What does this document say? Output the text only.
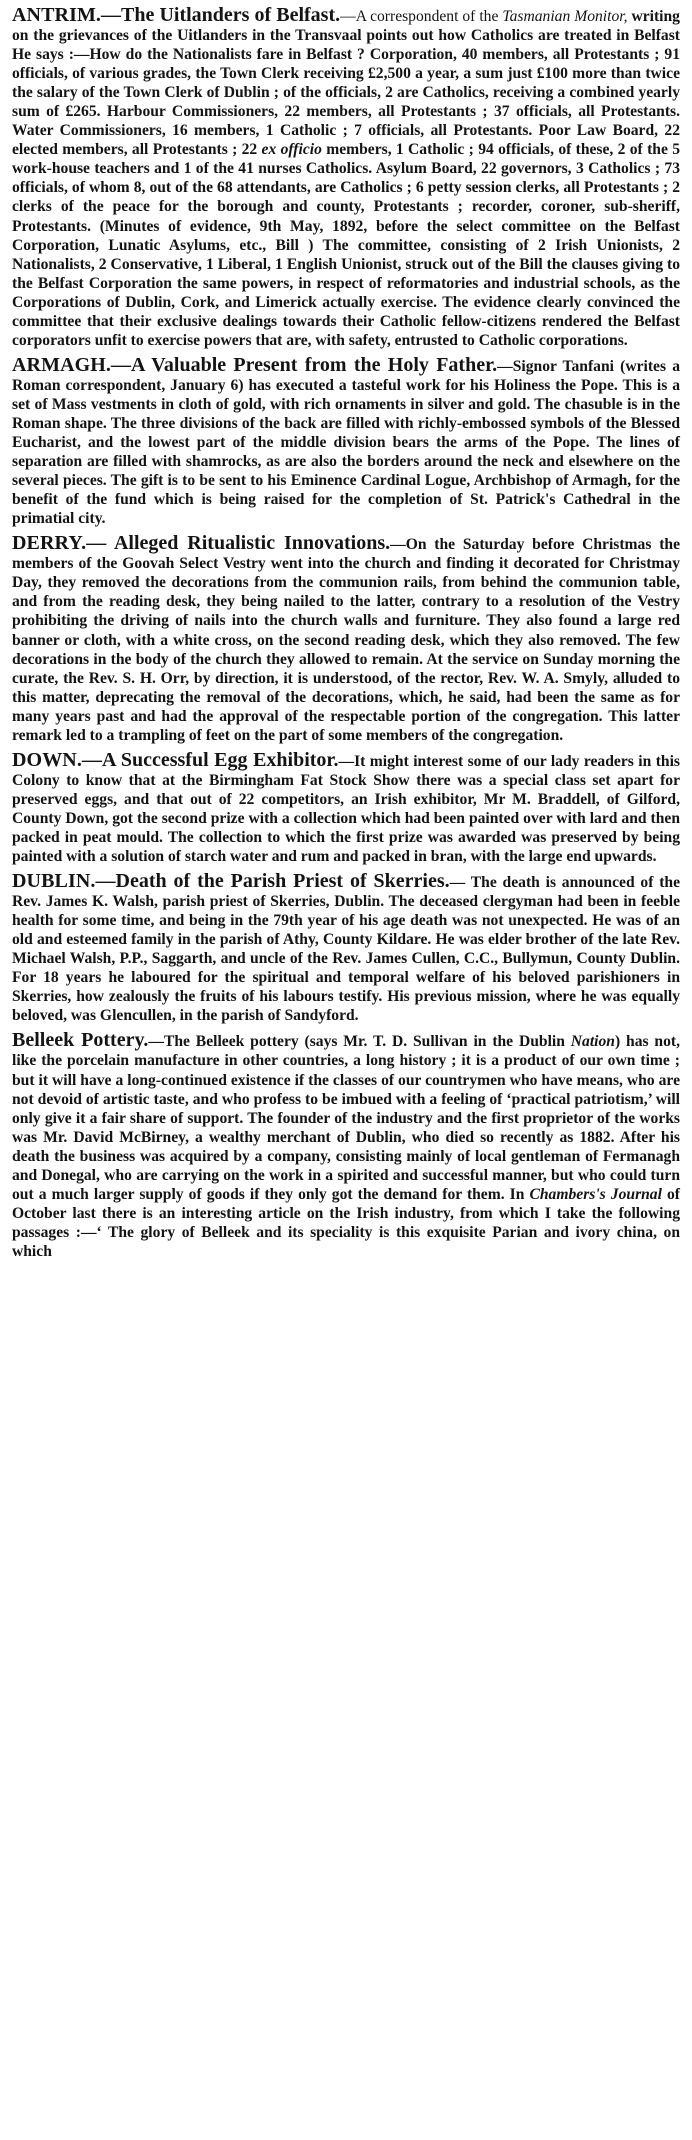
ANTRIM.—The Uitlanders of Belfast.—A correspondent of the Tasmanian Monitor, writing on the grievances of the Uitlanders in the Transvaal points out how Catholics are treated in Belfast He says :—How do the Nationalists fare in Belfast ? Corporation, 40 members, all Protestants ; 91 officials, of various grades, the Town Clerk receiving £2,500 a year, a sum just £100 more than twice the salary of the Town Clerk of Dublin ; of the officials, 2 are Catholics, receiving a combined yearly sum of £265. Harbour Commissioners, 22 members, all Protestants ; 37 officials, all Protestants. Water Commissioners, 16 members, 1 Catholic ; 7 officials, all Protestants. Poor Law Board, 22 elected members, all Protestants ; 22 ex officio members, 1 Catholic ; 94 officials, of these, 2 of the 5 work-house teachers and 1 of the 41 nurses Catholics. Asylum Board, 22 governors, 3 Catholics ; 73 officials, of whom 8, out of the 68 attendants, are Catholics ; 6 petty session clerks, all Protestants ; 2 clerks of the peace for the borough and county, Protestants ; recorder, coroner, sub-sheriff, Protestants. (Minutes of evidence, 9th May, 1892, before the select committee on the Belfast Corporation, Lunatic Asylums, etc., Bill ) The committee, consisting of 2 Irish Unionists, 2 Nationalists, 2 Conservative, 1 Liberal, 1 English Unionist, struck out of the Bill the clauses giving to the Belfast Corporation the same powers, in respect of reformatories and industrial schools, as the Corporations of Dublin, Cork, and Limerick actually exercise. The evidence clearly convinced the committee that their exclusive dealings towards their Catholic fellow-citizens rendered the Belfast corporators unfit to exercise powers that are, with safety, entrusted to Catholic corporations.

ARMAGH.—A Valuable Present from the Holy Father.—Signor Tanfani (writes a Roman correspondent, January 6) has executed a tasteful work for his Holiness the Pope. This is a set of Mass vestments in cloth of gold, with rich ornaments in silver and gold. The chasuble is in the Roman shape. The three divisions of the back are filled with richly-embossed symbols of the Blessed Eucharist, and the lowest part of the middle division bears the arms of the Pope. The lines of separation are filled with shamrocks, as are also the borders around the neck and elsewhere on the several pieces. The gift is to be sent to his Eminence Cardinal Logue, Archbishop of Armagh, for the benefit of the fund which is being raised for the completion of St. Patrick's Cathedral in the primatial city.

DERRY.— Alleged Ritualistic Innovations.—On the Saturday before Christmas the members of the Goovah Select Vestry went into the church and finding it decorated for Christmay Day, they removed the decorations from the communion rails, from behind the communion table, and from the reading desk, they being nailed to the latter, contrary to a resolution of the Vestry prohibiting the driving of nails into the church walls and furniture. They also found a large red banner or cloth, with a white cross, on the second reading desk, which they also removed. The few decorations in the body of the church they allowed to remain. At the service on Sunday morning the curate, the Rev. S. H. Orr, by direction, it is understood, of the rector, Rev. W. A. Smyly, alluded to this matter, deprecating the removal of the decorations, which, he said, had been the same as for many years past and had the approval of the respectable portion of the congregation. This latter remark led to a trampling of feet on the part of some members of the congregation.

DOWN.—A Successful Egg Exhibitor.—It might interest some of our lady readers in this Colony to know that at the Birmingham Fat Stock Show there was a special class set apart for preserved eggs, and that out of 22 competitors, an Irish exhibitor, Mr M. Braddell, of Gilford, County Down, got the second prize with a collection which had been painted over with lard and then packed in peat mould. The collection to which the first prize was awarded was preserved by being painted with a solution of starch water and rum and packed in bran, with the large end upwards.

DUBLIN.—Death of the Parish Priest of Skerries.— The death is announced of the Rev. James K. Walsh, parish priest of Skerries, Dublin. The deceased clergyman had been in feeble health for some time, and being in the 79th year of his age death was not unexpected. He was of an old and esteemed family in the parish of Athy, County Kildare. He was elder brother of the late Rev. Michael Walsh, P.P., Saggarth, and uncle of the Rev. James Cullen, C.C., Bullymun, County Dublin. For 18 years he laboured for the spiritual and temporal welfare of his beloved parishioners in Skerries, how zealously the fruits of his labours testify. His previous mission, where he was equally beloved, was Glencullen, in the parish of Sandyford.

Belleek Pottery.—The Belleek pottery (says Mr. T. D. Sullivan in the Dublin Nation) has not, like the porcelain manufacture in other countries, a long history ; it is a product of our own time ; but it will have a long-continued existence if the classes of our countrymen who have means, who are not devoid of artistic taste, and who profess to be imbued with a feeling of ‘practical patriotism,’ will only give it a fair share of support. The founder of the industry and the first proprietor of the works was Mr. David McBirney, a wealthy merchant of Dublin, who died so recently as 1882. After his death the business was acquired by a company, consisting mainly of local gentleman of Fermanagh and Donegal, who are carrying on the work in a spirited and successful manner, but who could turn out a much larger supply of goods if they only got the demand for them. In Chambers's Journal of October last there is an interesting article on the Irish industry, from which I take the following passages :—‘ The glory of Belleek and its speciality is this exquisite Parian and ivory china, on which
